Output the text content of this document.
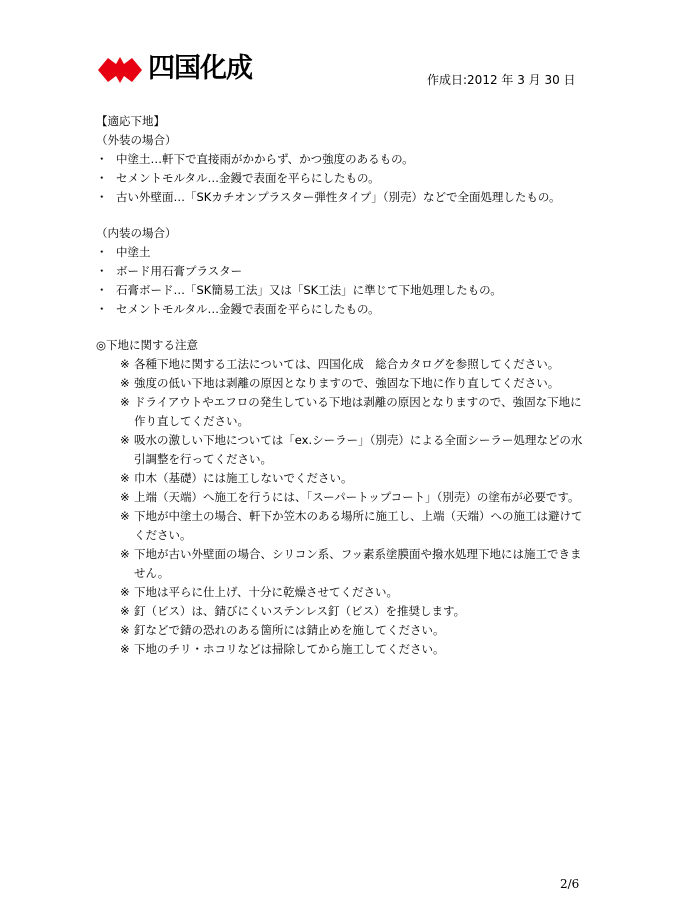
四国化成	作成日:2012 年 3 月 30 日
【適応下地】
（外装の場合）
・ 中塗土…軒下で直接雨がかからず、かつ強度のあるもの。
・ セメントモルタル…金鏝で表面を平らにしたもの。
・ 古い外壁面…「SKカチオンプラスター弾性タイプ」（別売）などで全面処理したもの。
（内装の場合）
・ 中塗土
・ ボード用石膏プラスター
・ 石膏ボード…「SK簡易工法」又は「SK工法」に準じて下地処理したもの。
・ セメントモルタル…金鏝で表面を平らにしたもの。
◎下地に関する注意
※ 各種下地に関する工法については、四国化成　総合カタログを参照してください。
※ 強度の低い下地は剥離の原因となりますので、強固な下地に作り直してください。
※ ドライアウトやエフロの発生している下地は剥離の原因となりますので、強固な下地に作り直してください。
※ 吸水の激しい下地については「ex.シーラー」（別売）による全面シーラー処理などの水引調整を行ってください。
※ 巾木（基礎）には施工しないでください。
※ 上端（天端）へ施工を行うには、「スーパートップコート」（別売）の塗布が必要です。
※ 下地が中塗土の場合、軒下か笠木のある場所に施工し、上端（天端）への施工は避けてください。
※ 下地が古い外壁面の場合、シリコン系、フッ素系塗膜面や撥水処理下地には施工できません。
※ 下地は平らに仕上げ、十分に乾燥させてください。
※ 釘（ビス）は、錆びにくいステンレス釘（ビス）を推奨します。
※ 釘などで錆の恐れのある箇所には錆止めを施してください。
※ 下地のチリ・ホコリなどは掃除してから施工してください。
2/6
